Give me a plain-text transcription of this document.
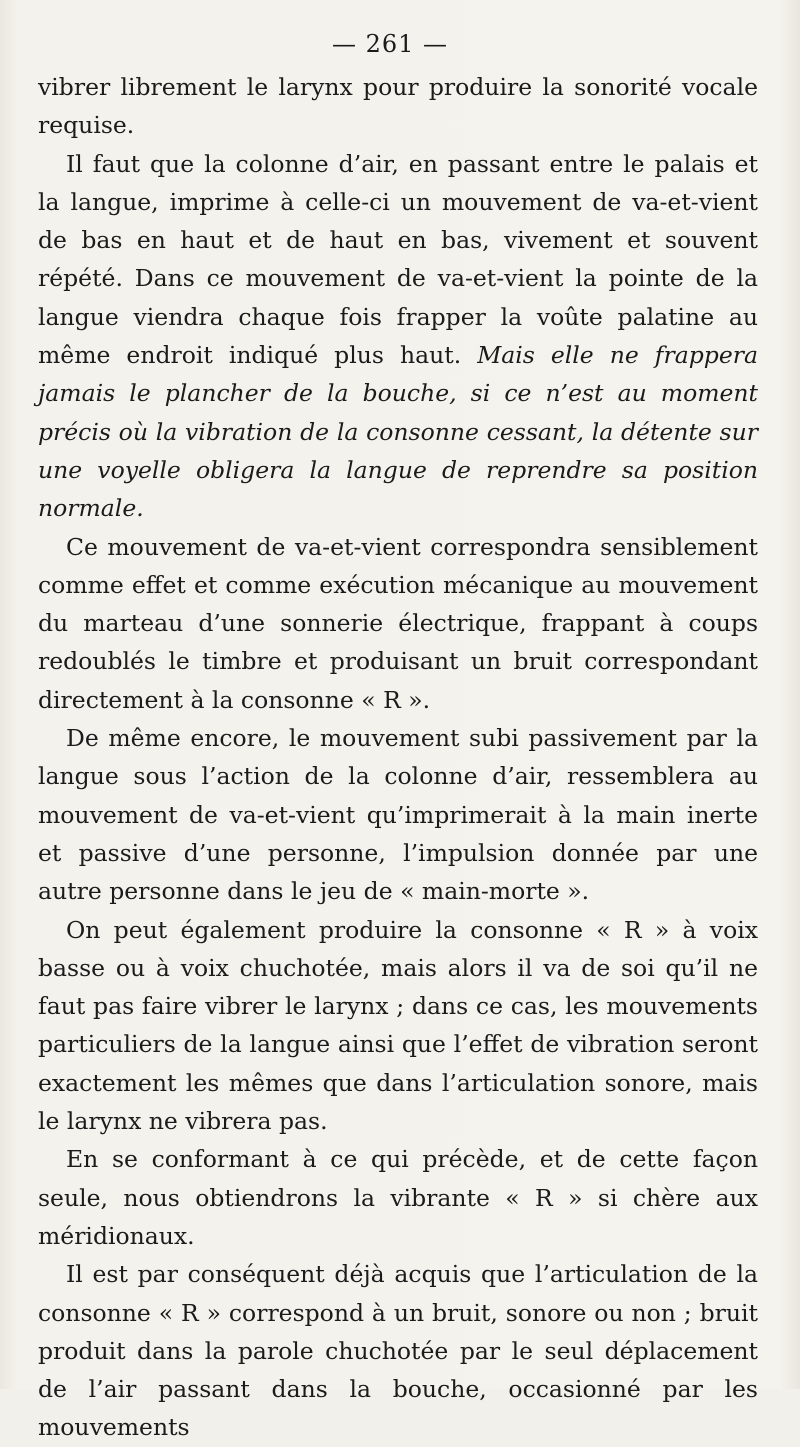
— 261 —

vibrer librement le larynx pour produire la sonorité vocale requise.

Il faut que la colonne d’air, en passant entre le palais et la langue, imprime à celle-ci un mouvement de va-et-vient de bas en haut et de haut en bas, vivement et souvent répété. Dans ce mouvement de va-et-vient la pointe de la langue viendra chaque fois frapper la voûte palatine au même endroit indiqué plus haut. Mais elle ne frappera jamais le plancher de la bouche, si ce n’est au moment précis où la vibration de la consonne cessant, la détente sur une voyelle obligera la langue de reprendre sa position normale.

Ce mouvement de va-et-vient correspondra sensiblement comme effet et comme exécution mécanique au mouvement du marteau d’une sonnerie électrique, frappant à coups redoublés le timbre et produisant un bruit correspondant directement à la consonne « R ».

De même encore, le mouvement subi passivement par la langue sous l’action de la colonne d’air, ressemblera au mouvement de va-et-vient qu’imprimerait à la main inerte et passive d’une personne, l’impulsion donnée par une autre personne dans le jeu de « main-morte ».

On peut également produire la consonne « R » à voix basse ou à voix chuchotée, mais alors il va de soi qu’il ne faut pas faire vibrer le larynx ; dans ce cas, les mouvements particuliers de la langue ainsi que l’effet de vibration seront exactement les mêmes que dans l’articulation sonore, mais le larynx ne vibrera pas.

En se conformant à ce qui précède, et de cette façon seule, nous obtiendrons la vibrante « R » si chère aux méridionaux.

Il est par conséquent déjà acquis que l’articulation de la consonne « R » correspond à un bruit, sonore ou non ; bruit produit dans la parole chuchotée par le seul déplacement de l’air passant dans la bouche, occasionné par les mouvements
